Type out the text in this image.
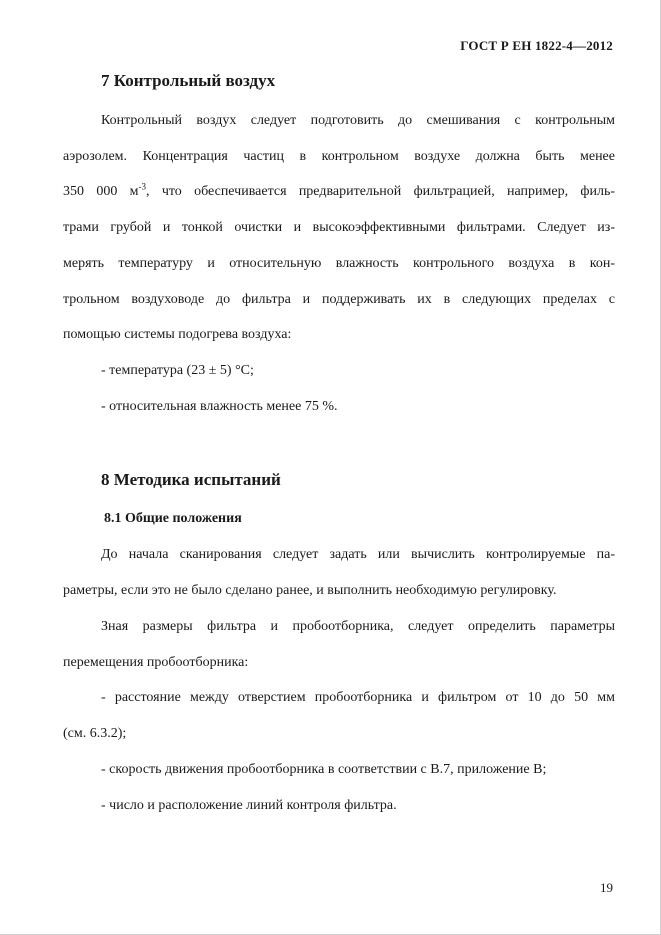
ГОСТ Р ЕН 1822-4—2012
7 Контрольный воздух
Контрольный воздух следует подготовить до смешивания с контрольным
аэрозолем. Концентрация частиц в контрольном воздухе должна быть менее
350 000 $м^{-3}$, что обеспечивается предварительной фильтрацией, например, филь-
трами грубой и тонкой очистки и высокоэффективными фильтрами. Следует из-
мерять температуру и относительную влажность контрольного воздуха в кон-
трольном воздуховоде до фильтра и поддерживать их в следующих пределах с
помощью системы подогрева воздуха:
- температура (23 ± 5) °С;
- относительная влажность менее 75 %.
8 Методика испытаний
8.1 Общие положения
До начала сканирования следует задать или вычислить контролируемые па-
раметры, если это не было сделано ранее, и выполнить необходимую регулировку.
Зная размеры фильтра и пробоотборника, следует определить параметры
перемещения пробоотборника:
- расстояние между отверстием пробоотборника и фильтром от 10 до 50 мм
(см. 6.3.2);
- скорость движения пробоотборника в соответствии с В.7, приложение В;
- число и расположение линий контроля фильтра.
19
